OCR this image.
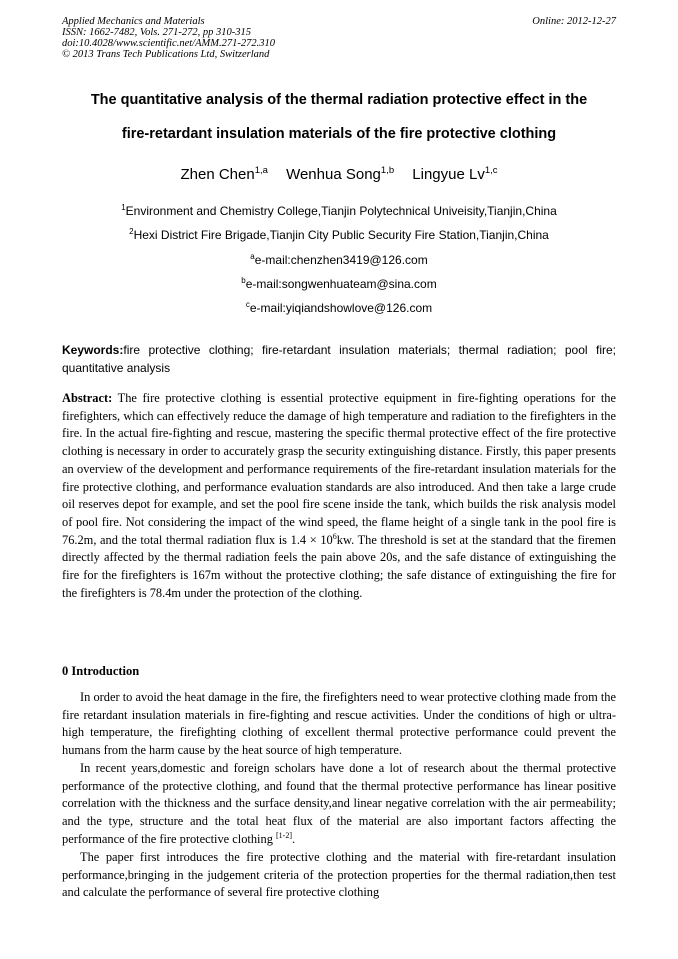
Applied Mechanics and Materials
ISSN: 1662-7482, Vols. 271-272, pp 310-315
doi:10.4028/www.scientific.net/AMM.271-272.310
© 2013 Trans Tech Publications Ltd, Switzerland
Online: 2012-12-27
The quantitative analysis of the thermal radiation protective effect in the
fire-retardant insulation materials of the fire protective clothing
Zhen Chen$^{1,a}$ Wenhua Song$^{1,b}$ Lingyue Lv$^{1,c}$
$^1$Environment and Chemistry College,Tianjin Polytechnical Univeisity,Tianjin,China
$^2$Hexi District Fire Brigade,Tianjin City Public Security Fire Station,Tianjin,China
$^a$e-mail:chenzhen3419@126.com
$^b$e-mail:songwenhuateam@sina.com
$^c$e-mail:yiqiandshowlove@126.com
Keywords:fire protective clothing; fire-retardant insulation materials; thermal radiation; pool fire; quantitative analysis
Abstract: The fire protective clothing is essential protective equipment in fire-fighting operations for the firefighters, which can effectively reduce the damage of high temperature and radiation to the firefighters in the fire. In the actual fire-fighting and rescue, mastering the specific thermal protective effect of the fire protective clothing is necessary in order to accurately grasp the security extinguishing distance. Firstly, this paper presents an overview of the development and performance requirements of the fire-retardant insulation materials for the fire protective clothing, and performance evaluation standards are also introduced. And then take a large crude oil reserves depot for example, and set the pool fire scene inside the tank, which builds the risk analysis model of pool fire. Not considering the impact of the wind speed, the flame height of a single tank in the pool fire is 76.2m, and the total thermal radiation flux is $1.4 \times 10^6kw$. The threshold is set at the standard that the firemen directly affected by the thermal radiation feels the pain above 20s, and the safe distance of extinguishing the fire for the firefighters is 167m without the protective clothing; the safe distance of extinguishing the fire for the firefighters is 78.4m under the protection of the clothing.
0 Introduction
In order to avoid the heat damage in the fire, the firefighters need to wear protective clothing made from the fire retardant insulation materials in fire-fighting and rescue activities. Under the conditions of high or ultra-high temperature, the firefighting clothing of excellent thermal protective performance could prevent the humans from the harm cause by the heat source of high temperature.
In recent years,domestic and foreign scholars have done a lot of research about the thermal protective performance of the protective clothing, and found that the thermal protective performance has linear positive correlation with the thickness and the surface density,and linear negative correlation with the air permeability;　and the type, structure and the total heat flux of the material are also important factors affecting the performance of the fire protective clothing [1-2].
The paper first introduces the fire protective clothing and the material with fire-retardant insulation performance,bringing in the judgement criteria of the protection properties for the thermal radiation,then test and calculate the performance of several fire protective clothing
